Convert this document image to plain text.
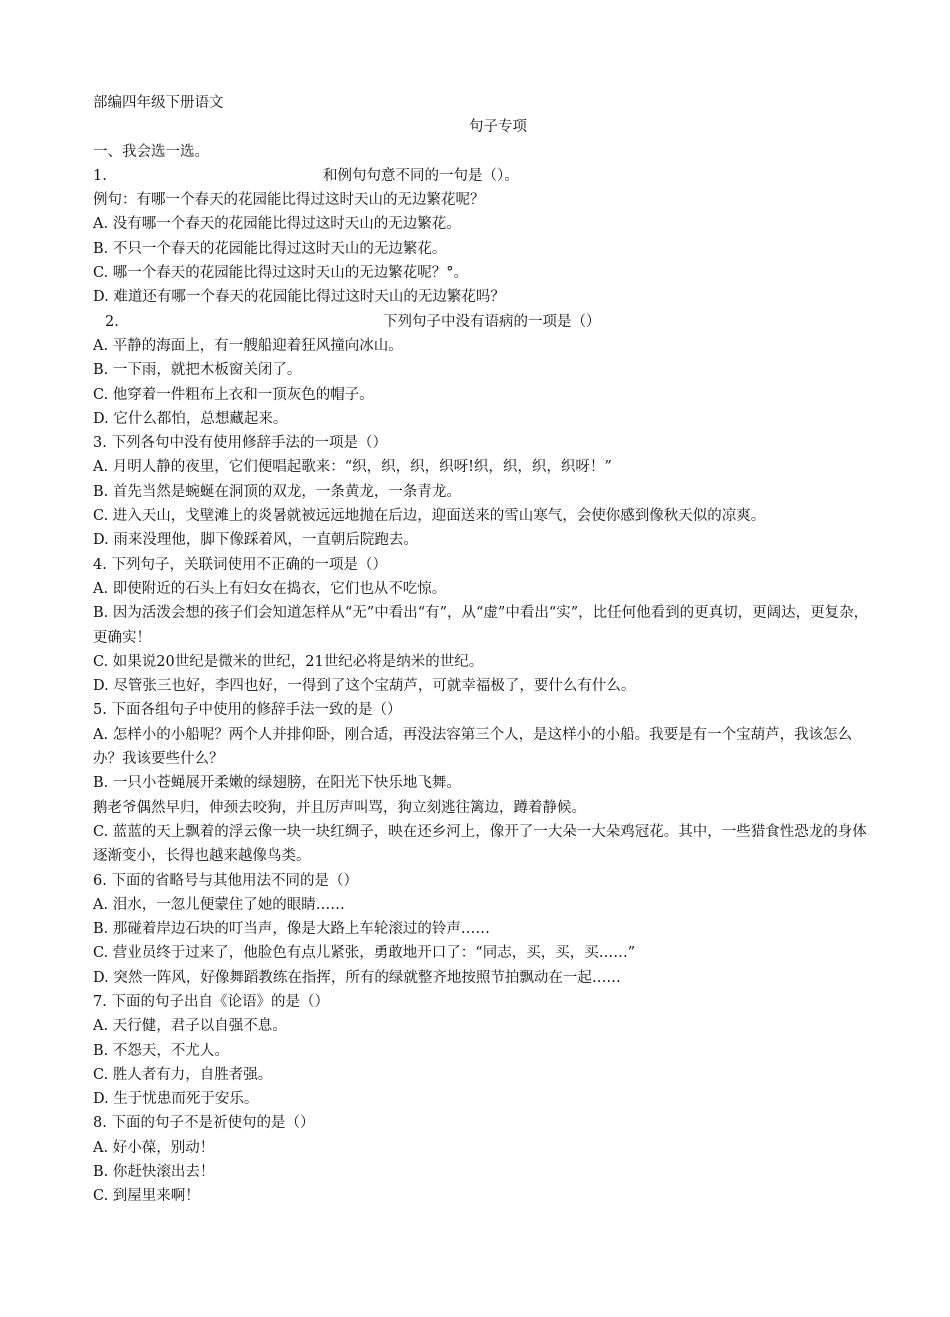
部编四年级下册语文
句子专项
一、我会选一选。
1.	和例句句意不同的一句是（）。
例句：有哪一个春天的花园能比得过这时天山的无边繁花呢？
A. 没有哪一个春天的花园能比得过这时天山的无边繁花。
B. 不只一个春天的花园能比得过这时天山的无边繁花。
C. 哪一个春天的花园能比得过这时天山的无边繁花呢？°。
D. 难道还有哪一个春天的花园能比得过这时天山的无边繁花吗？
2.	下列句子中没有语病的一项是（）
A. 平静的海面上，有一艘船迎着狂风撞向冰山。
B. 一下雨，就把木板窗关闭了。
C. 他穿着一件粗布上衣和一顶灰色的帽子。
D. 它什么都怕，总想藏起来。
3. 下列各句中没有使用修辞手法的一项是（）
A. 月明人静的夜里，它们便唱起歌来：“织，织，织，织呀!织，织，织，织呀！”
B. 首先当然是蜿蜒在洞顶的双龙，一条黄龙，一条青龙。
C. 进入天山，戈壁滩上的炎暑就被远远地抛在后边，迎面送来的雪山寒气，会使你感到像秋天似的凉爽。
D. 雨来没理他，脚下像踩着风，一直朝后院跑去。
4. 下列句子，关联词使用不正确的一项是（）
A. 即使附近的石头上有妇女在捣衣，它们也从不吃惊。
B. 因为活泼会想的孩子们会知道怎样从“无”中看出“有”，从“虚”中看出“实”，比任何他看到的更真切，更阔达，更复杂，更确实！
C. 如果说20世纪是微米的世纪，21世纪必将是纳米的世纪。
D. 尽管张三也好，李四也好，一得到了这个宝葫芦，可就幸福极了，要什么有什么。
5. 下面各组句子中使用的修辞手法一致的是（）
A. 怎样小的小船呢？两个人并排仰卧，刚合适，再没法容第三个人，是这样小的小船。我要是有一个宝葫芦，我该怎么办？我该要些什么？
B. 一只小苍蝇展开柔嫩的绿翅膀，在阳光下快乐地飞舞。
鹅老爷偶然早归，伸颈去咬狗，并且厉声叫骂，狗立刻逃往篱边，蹲着静候。
C. 蓝蓝的天上飘着的浮云像一块一块红绸子，映在还乡河上，像开了一大朵一大朵鸡冠花。其中，一些猎食性恐龙的身体逐渐变小，长得也越来越像鸟类。
6. 下面的省略号与其他用法不同的是（）
A. 泪水，一忽儿便蒙住了她的眼睛……
B. 那碰着岸边石块的叮当声，像是大路上车轮滚过的铃声……
C. 营业员终于过来了，他脸色有点儿紧张，勇敢地开口了：“同志，买，买，买……”
D. 突然一阵风，好像舞蹈教练在指挥，所有的绿就整齐地按照节拍飘动在一起……
7. 下面的句子出自《论语》的是（）
A. 天行健，君子以自强不息。
B. 不怨天，不尤人。
C. 胜人者有力，自胜者强。
D. 生于忧患而死于安乐。
8. 下面的句子不是祈使句的是（）
A. 好小葆，别动！
B. 你赶快滚出去！
C. 到屋里来啊！
